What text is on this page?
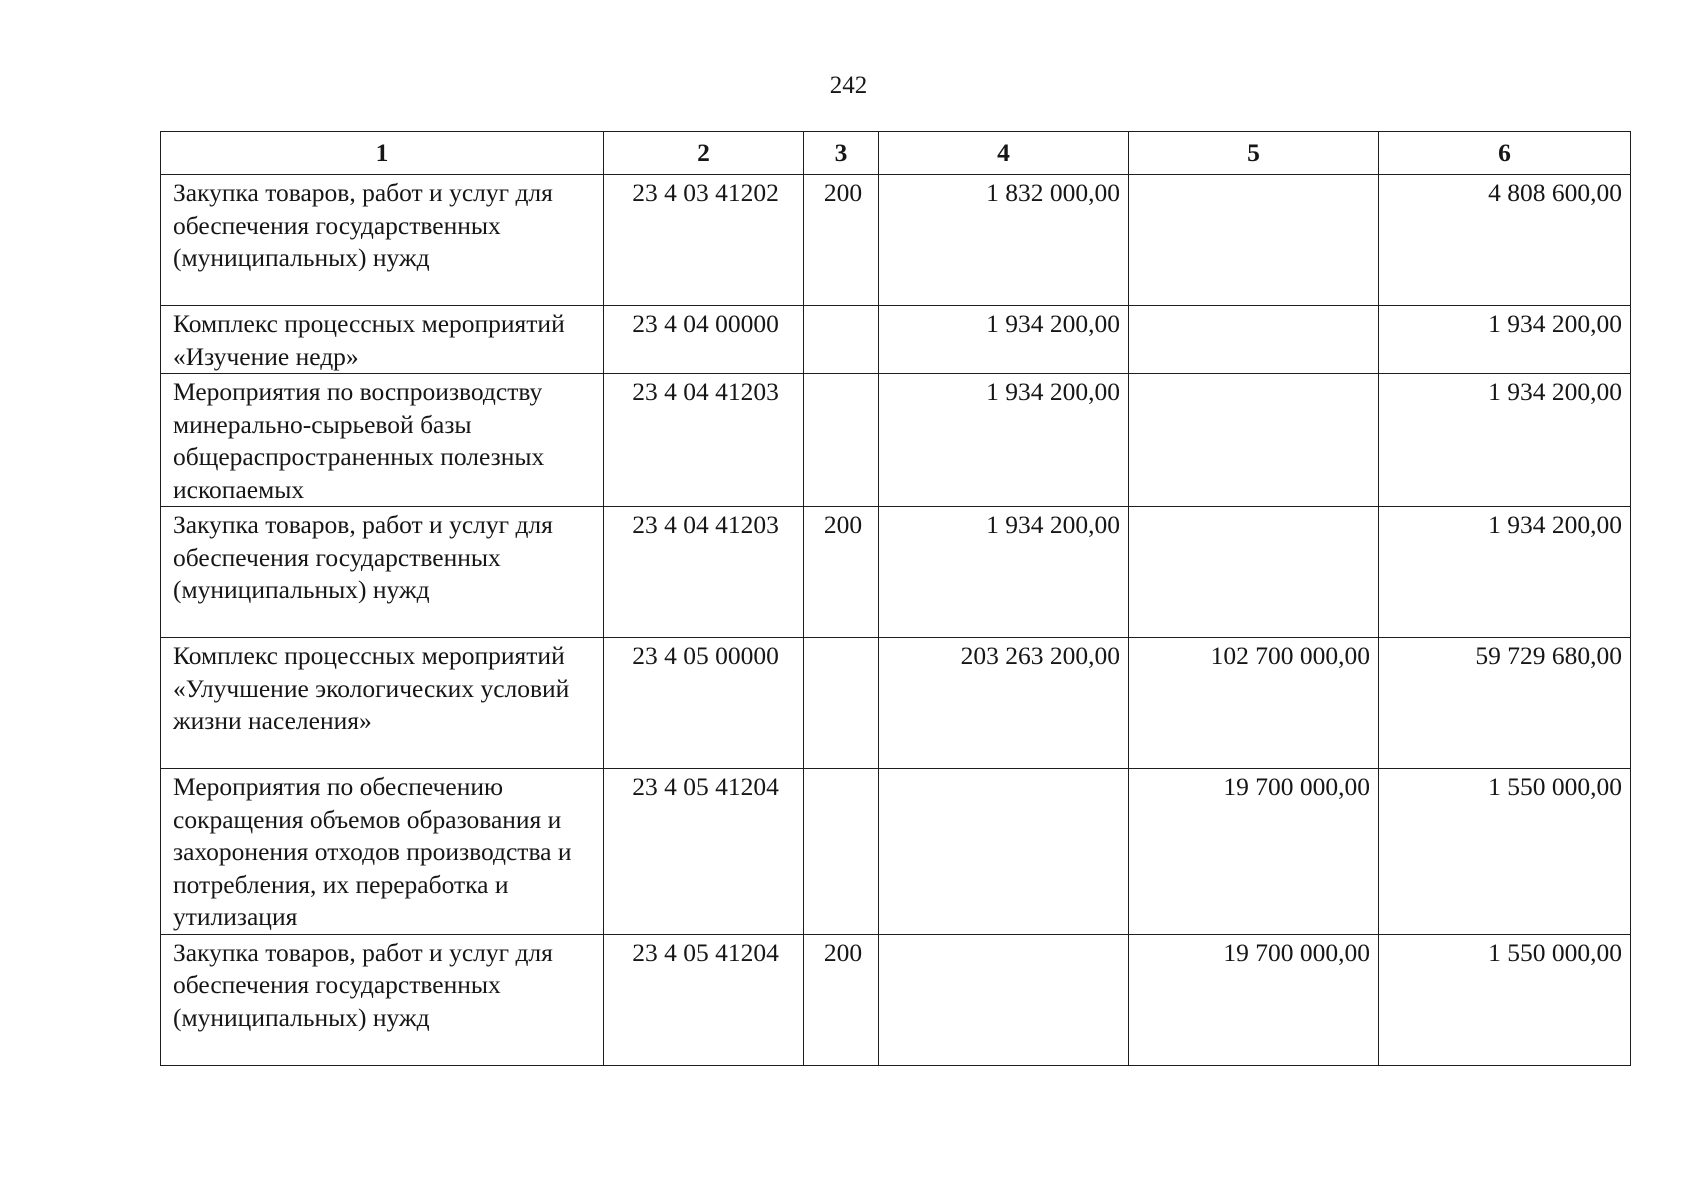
242
1	2	3	4	5	6
Закупка товаров, работ и услуг для обеспечения государственных (муниципальных) нужд	23 4 03 41202	200	1 832 000,00		4 808 600,00
Комплекс процессных мероприятий «Изучение недр»	23 4 04 00000		1 934 200,00		1 934 200,00
Мероприятия по воспроизводству минерально-сырьевой базы общераспространенных полезных ископаемых	23 4 04 41203		1 934 200,00		1 934 200,00
Закупка товаров, работ и услуг для обеспечения государственных (муниципальных) нужд	23 4 04 41203	200	1 934 200,00		1 934 200,00
Комплекс процессных мероприятий «Улучшение экологических условий жизни населения»	23 4 05 00000		203 263 200,00	102 700 000,00	59 729 680,00
Мероприятия по обеспечению сокращения объемов образования и захоронения отходов производства и потребления, их переработка и утилизация	23 4 05 41204			19 700 000,00	1 550 000,00
Закупка товаров, работ и услуг для обеспечения государственных (муниципальных) нужд	23 4 05 41204	200		19 700 000,00	1 550 000,00
